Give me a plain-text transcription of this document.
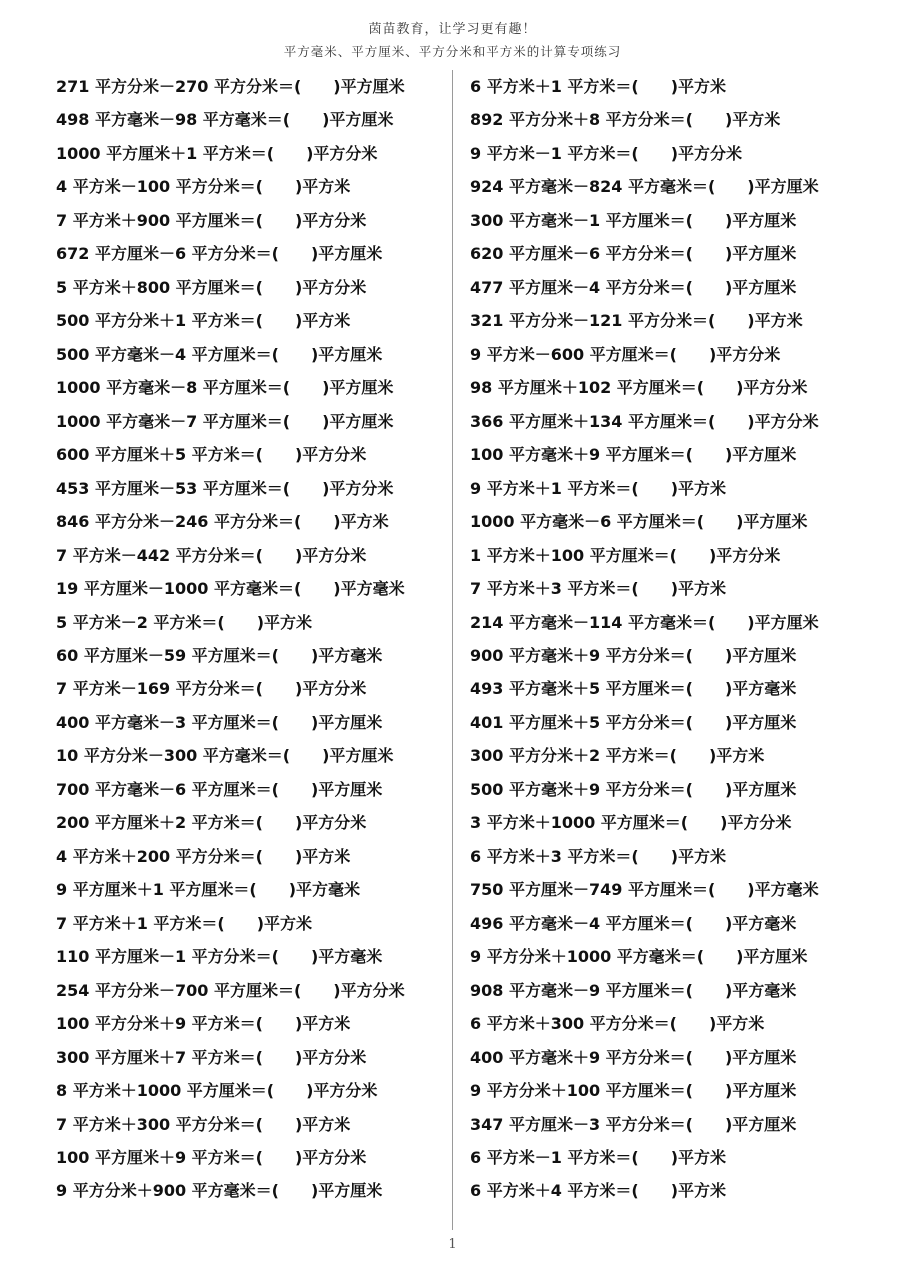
茵苗教育，让学习更有趣！
平方毫米、平方厘米、平方分米和平方米的计算专项练习
271 平方分米－270 平方分米＝(　　)平方厘米
498 平方毫米－98 平方毫米＝(　　)平方厘米
1000 平方厘米＋1 平方米＝(　　)平方分米
4 平方米－100 平方分米＝(　　)平方米
7 平方米＋900 平方厘米＝(　　)平方分米
672 平方厘米－6 平方分米＝(　　)平方厘米
5 平方米＋800 平方厘米＝(　　)平方分米
500 平方分米＋1 平方米＝(　　)平方米
500 平方毫米－4 平方厘米＝(　　)平方厘米
1000 平方毫米－8 平方厘米＝(　　)平方厘米
1000 平方毫米－7 平方厘米＝(　　)平方厘米
600 平方厘米＋5 平方米＝(　　)平方分米
453 平方厘米－53 平方厘米＝(　　)平方分米
846 平方分米－246 平方分米＝(　　)平方米
7 平方米－442 平方分米＝(　　)平方分米
19 平方厘米－1000 平方毫米＝(　　)平方毫米
5 平方米－2 平方米＝(　　)平方米
60 平方厘米－59 平方厘米＝(　　)平方毫米
7 平方米－169 平方分米＝(　　)平方分米
400 平方毫米－3 平方厘米＝(　　)平方厘米
10 平方分米－300 平方毫米＝(　　)平方厘米
700 平方毫米－6 平方厘米＝(　　)平方厘米
200 平方厘米＋2 平方米＝(　　)平方分米
4 平方米＋200 平方分米＝(　　)平方米
9 平方厘米＋1 平方厘米＝(　　)平方毫米
7 平方米＋1 平方米＝(　　)平方米
110 平方厘米－1 平方分米＝(　　)平方毫米
254 平方分米－700 平方厘米＝(　　)平方分米
100 平方分米＋9 平方米＝(　　)平方米
300 平方厘米＋7 平方米＝(　　)平方分米
8 平方米＋1000 平方厘米＝(　　)平方分米
7 平方米＋300 平方分米＝(　　)平方米
100 平方厘米＋9 平方米＝(　　)平方分米
9 平方分米＋900 平方毫米＝(　　)平方厘米
6 平方米＋1 平方米＝(　　)平方米
892 平方分米＋8 平方分米＝(　　)平方米
9 平方米－1 平方米＝(　　)平方分米
924 平方毫米－824 平方毫米＝(　　)平方厘米
300 平方毫米－1 平方厘米＝(　　)平方厘米
620 平方厘米－6 平方分米＝(　　)平方厘米
477 平方厘米－4 平方分米＝(　　)平方厘米
321 平方分米－121 平方分米＝(　　)平方米
9 平方米－600 平方厘米＝(　　)平方分米
98 平方厘米＋102 平方厘米＝(　　)平方分米
366 平方厘米＋134 平方厘米＝(　　)平方分米
100 平方毫米＋9 平方厘米＝(　　)平方厘米
9 平方米＋1 平方米＝(　　)平方米
1000 平方毫米－6 平方厘米＝(　　)平方厘米
1 平方米＋100 平方厘米＝(　　)平方分米
7 平方米＋3 平方米＝(　　)平方米
214 平方毫米－114 平方毫米＝(　　)平方厘米
900 平方毫米＋9 平方分米＝(　　)平方厘米
493 平方毫米＋5 平方厘米＝(　　)平方毫米
401 平方厘米＋5 平方分米＝(　　)平方厘米
300 平方分米＋2 平方米＝(　　)平方米
500 平方毫米＋9 平方分米＝(　　)平方厘米
3 平方米＋1000 平方厘米＝(　　)平方分米
6 平方米＋3 平方米＝(　　)平方米
750 平方厘米－749 平方厘米＝(　　)平方毫米
496 平方毫米－4 平方厘米＝(　　)平方毫米
9 平方分米＋1000 平方毫米＝(　　)平方厘米
908 平方毫米－9 平方厘米＝(　　)平方毫米
6 平方米＋300 平方分米＝(　　)平方米
400 平方毫米＋9 平方分米＝(　　)平方厘米
9 平方分米＋100 平方厘米＝(　　)平方厘米
347 平方厘米－3 平方分米＝(　　)平方厘米
6 平方米－1 平方米＝(　　)平方米
6 平方米＋4 平方米＝(　　)平方米
1
